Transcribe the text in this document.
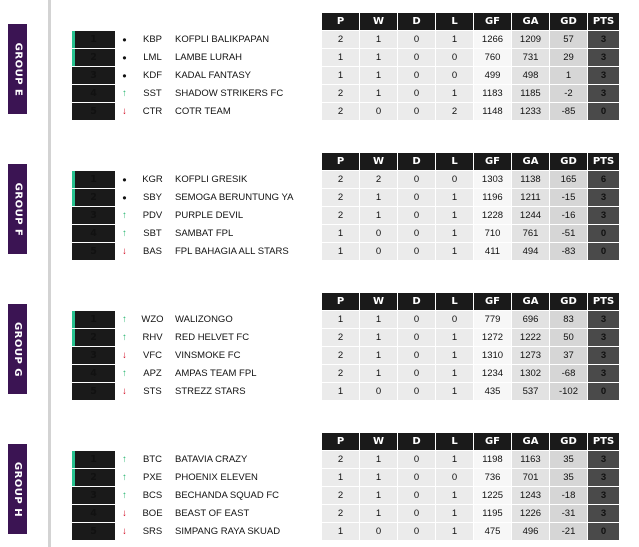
GROUP E
				P	W	D	L	GF	GA	GD	PTS
1	•	KBP	KOFPLI BALIKPAPAN	2	1	0	1	1266	1209	57	3
2	•	LML	LAMBE LURAH	1	1	0	0	760	731	29	3
3	•	KDF	KADAL FANTASY	1	1	0	0	499	498	1	3
4	↑	SST	SHADOW STRIKERS FC	2	1	0	1	1183	1185	-2	3
5	↓	CTR	COTR TEAM	2	0	0	2	1148	1233	-85	0
GROUP F
				P	W	D	L	GF	GA	GD	PTS
1	•	KGR	KOFPLI GRESIK	2	2	0	0	1303	1138	165	6
2	•	SBY	SEMOGA BERUNTUNG YA	2	1	0	1	1196	1211	-15	3
3	↑	PDV	PURPLE DEVIL	2	1	0	1	1228	1244	-16	3
4	↑	SBT	SAMBAT FPL	1	0	0	1	710	761	-51	0
5	↓	BAS	FPL BAHAGIA ALL STARS	1	0	0	1	411	494	-83	0
GROUP G
				P	W	D	L	GF	GA	GD	PTS
1	↑	WZO	WALIZONGO	1	1	0	0	779	696	83	3
2	↑	RHV	RED HELVET FC	2	1	0	1	1272	1222	50	3
3	↓	VFC	VINSMOKE FC	2	1	0	1	1310	1273	37	3
4	↑	APZ	AMPAS TEAM FPL	2	1	0	1	1234	1302	-68	3
5	↓	STS	STREZZ STARS	1	0	0	1	435	537	-102	0
GROUP H
				P	W	D	L	GF	GA	GD	PTS
1	↑	BTC	BATAVIA CRAZY	2	1	0	1	1198	1163	35	3
2	↑	PXE	PHOENIX ELEVEN	1	1	0	0	736	701	35	3
3	↑	BCS	BECHANDA SQUAD FC	2	1	0	1	1225	1243	-18	3
4	↓	BOE	BEAST OF EAST	2	1	0	1	1195	1226	-31	3
5	↓	SRS	SIMPANG RAYA SKUAD	1	0	0	1	475	496	-21	0
